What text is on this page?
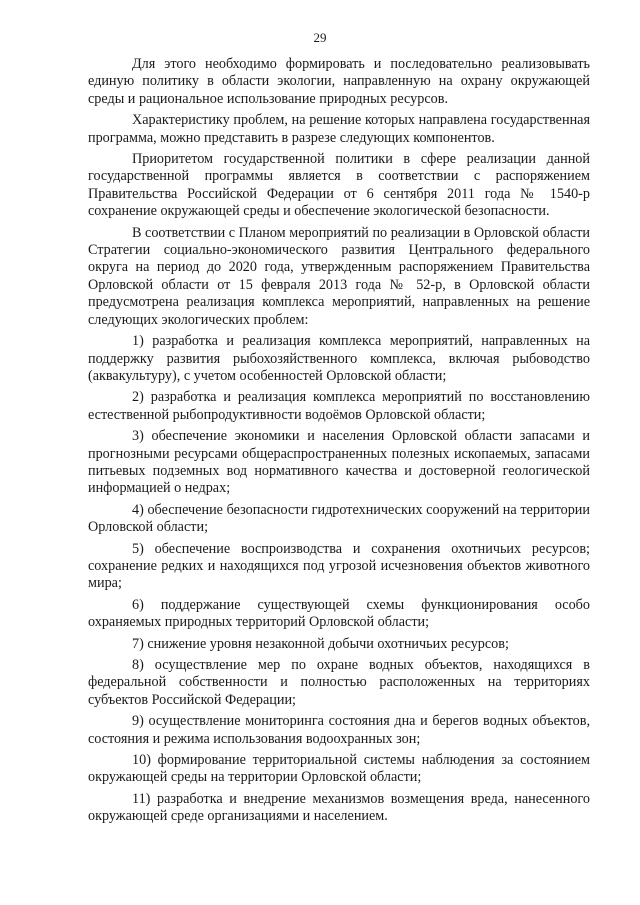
29

Для этого необходимо формировать и последовательно реализовывать единую политику в области экологии, направленную на охрану окружающей среды и рациональное использование природных ресурсов.

Характеристику проблем, на решение которых направлена государственная программа, можно представить в разрезе следующих компонентов.

Приоритетом государственной политики в сфере реализации данной государственной программы является в соответствии с распоряжением Правительства Российской Федерации от 6 сентября 2011 года № 1540-р сохранение окружающей среды и обеспечение экологической безопасности.

В соответствии с Планом мероприятий по реализации в Орловской области Стратегии социально-экономического развития Центрального федерального округа на период до 2020 года, утвержденным распоряжением Правительства Орловской области от 15 февраля 2013 года № 52-р, в Орловской области предусмотрена реализация комплекса мероприятий, направленных на решение следующих экологических проблем:

1) разработка и реализация комплекса мероприятий, направленных на поддержку развития рыбохозяйственного комплекса, включая рыбоводство (аквакультуру), с учетом особенностей Орловской области;

2) разработка и реализация комплекса мероприятий по восстановлению естественной рыбопродуктивности водоёмов Орловской области;

3) обеспечение экономики и населения Орловской области запасами и прогнозными ресурсами общераспространенных полезных ископаемых, запасами питьевых подземных вод нормативного качества и достоверной геологической информацией о недрах;

4) обеспечение безопасности гидротехнических сооружений на территории Орловской области;

5) обеспечение воспроизводства и сохранения охотничьих ресурсов; сохранение редких и находящихся под угрозой исчезновения объектов животного мира;

6) поддержание существующей схемы функционирования особо охраняемых природных территорий Орловской области;

7) снижение уровня незаконной добычи охотничьих ресурсов;

8) осуществление мер по охране водных объектов, находящихся в федеральной собственности и полностью расположенных на территориях субъектов Российской Федерации;

9) осуществление мониторинга состояния дна и берегов водных объектов, состояния и режима использования водоохранных зон;

10) формирование территориальной системы наблюдения за состоянием окружающей среды на территории Орловской области;

11) разработка и внедрение механизмов возмещения вреда, нанесенного окружающей среде организациями и населением.
